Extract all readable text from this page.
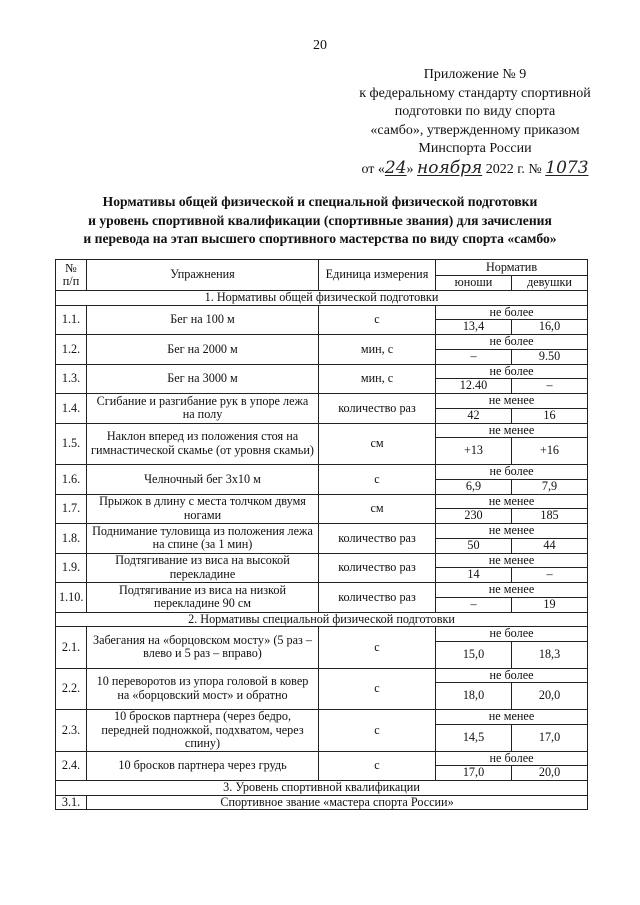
20
Приложение № 9
к федеральному стандарту спортивной
подготовки по виду спорта
«самбо», утвержденному приказом
Минспорта России
от «24» ноября 2022 г. № 1073
Нормативы общей физической и специальной физической подготовки
и уровень спортивной квалификации (спортивные звания) для зачисления
и перевода на этап высшего спортивного мастерства по виду спорта «самбо»
№ п/п	Упражнения	Единица измерения	Норматив	
			юноши	девушки
1. Нормативы общей физической подготовки				
1.1.	Бег на 100 м	с	не более	
			13,4	16,0
1.2.	Бег на 2000 м	мин, с	не более	
			–	9.50
1.3.	Бег на 3000 м	мин, с	не более	
			12.40	–
1.4.	Сгибание и разгибание рук в упоре лежа на полу	количество раз	не менее	
			42	16
1.5.	Наклон вперед из положения стоя на гимнастической скамье (от уровня скамьи)	см	не менее	
			+13	+16
1.6.	Челночный бег 3х10 м	с	не более	
			6,9	7,9
1.7.	Прыжок в длину с места толчком двумя ногами	см	не менее	
			230	185
1.8.	Поднимание туловища из положения лежа на спине (за 1 мин)	количество раз	не менее	
			50	44
1.9.	Подтягивание из виса на высокой перекладине	количество раз	не менее	
			14	–
1.10.	Подтягивание из виса на низкой перекладине 90 см	количество раз	не менее	
			–	19
2. Нормативы специальной физической подготовки				
2.1.	Забегания на «борцовском мосту» (5 раз – влево и 5 раз – вправо)	с	не более	
			15,0	18,3
2.2.	10 переворотов из упора головой в ковер на «борцовский мост» и обратно	с	не более	
			18,0	20,0
2.3.	10 бросков партнера (через бедро, передней подножкой, подхватом, через спину)	с	не менее	
			14,5	17,0
2.4.	10 бросков партнера через грудь	с	не более	
			17,0	20,0
3. Уровень спортивной квалификации				
3.1.	Спортивное звание «мастера спорта России»			
